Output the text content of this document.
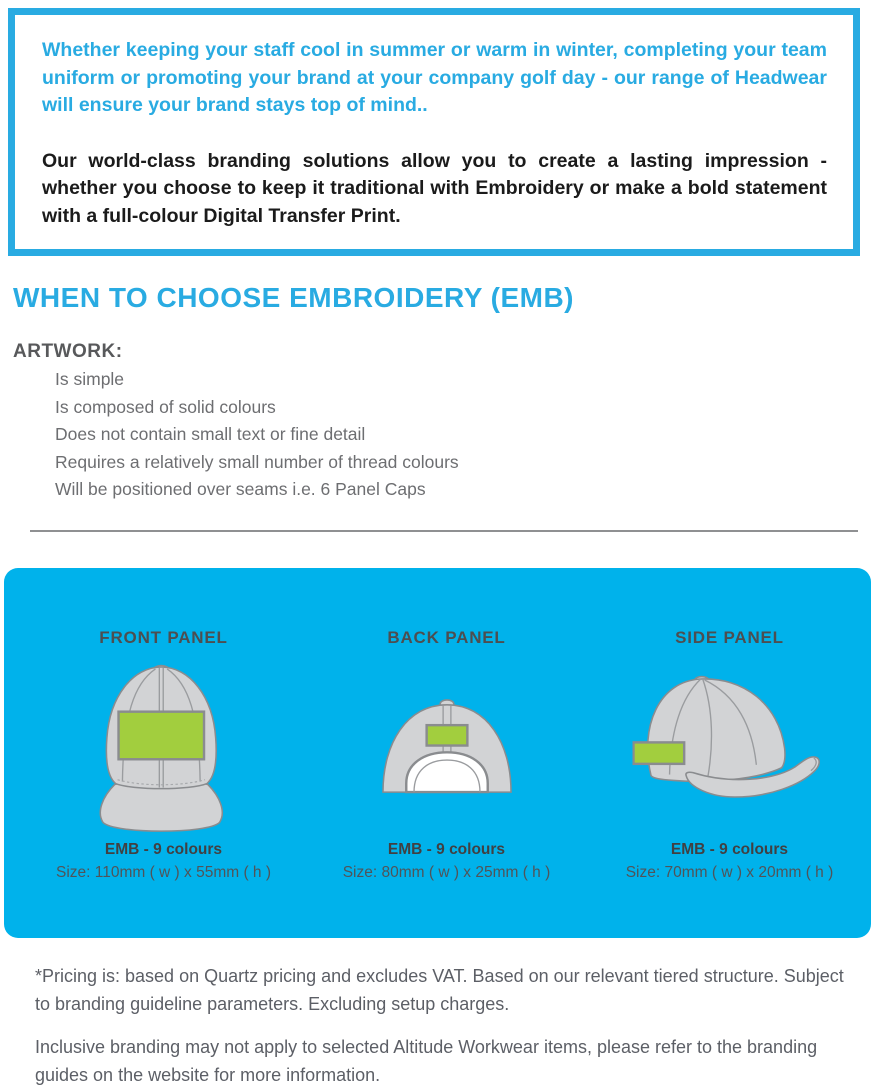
Whether keeping your staff cool in summer or warm in winter, completing your team uniform or promoting your brand at your company golf day - our range of Headwear will ensure your brand stays top of mind..

Our world-class branding solutions allow you to create a lasting impression - whether you choose to keep it traditional with Embroidery or make a bold statement with a full-colour Digital Transfer Print.

WHEN TO CHOOSE EMBROIDERY (EMB)
ARTWORK:
Is simple
Is composed of solid colours
Does not contain small text or fine detail
Requires a relatively small number of thread colours
Will be positioned over seams i.e. 6 Panel Caps
FRONT PANEL

EMB - 9 colours

Size: 110mm ( w ) x 55mm ( h )

BACK PANEL

EMB - 9 colours

Size: 80mm ( w ) x 25mm ( h )

SIDE PANEL

EMB - 9 colours

Size: 70mm ( w ) x 20mm ( h )

*Pricing is: based on Quartz pricing and excludes VAT. Based on our relevant tiered structure. Subject to branding guideline parameters. Excluding setup charges.

Inclusive branding may not apply to selected Altitude Workwear items, please refer to the branding guides on the website for more information.
